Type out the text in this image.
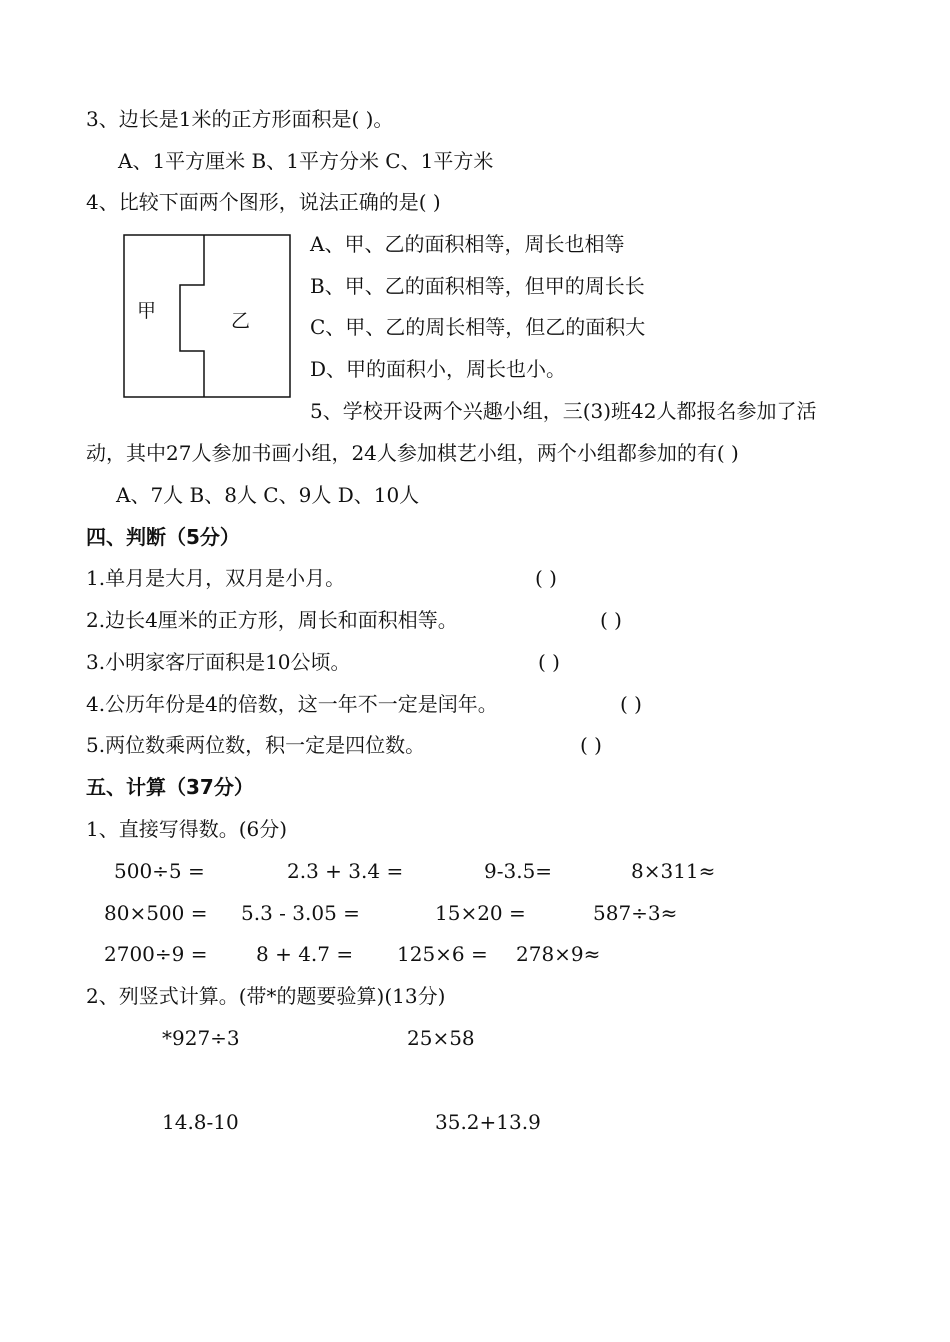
3、边长是1米的正方形面积是( )。
A、1平方厘米 B、1平方分米 C、1平方米
4、比较下面两个图形，说法正确的是( )
甲	乙
A、甲、乙的面积相等，周长也相等
B、甲、乙的面积相等，但甲的周长长
C、甲、乙的周长相等，但乙的面积大
D、甲的面积小，周长也小。
5、学校开设两个兴趣小组，三(3)班42人都报名参加了活
动，其中27人参加书画小组，24人参加棋艺小组，两个小组都参加的有( )
A、7人 B、8人 C、9人 D、10人
四、判断（5分）
1.单月是大月，双月是小月。	( )
2.边长4厘米的正方形，周长和面积相等。	( )
3.小明家客厅面积是10公顷。	( )
4.公历年份是4的倍数，这一年不一定是闰年。	( )
5.两位数乘两位数，积一定是四位数。	( )
五、计算（37分）
1、直接写得数。(6分)
500÷5 =	2.3 + 3.4 =	9-3.5=	8×311≈
80×500 = 5.3 - 3.05 =	15×20 =	587÷3≈
2700÷9 = 8 + 4.7 = 125×6 = 278×9≈
2、列竖式计算。(带*的题要验算)(13分)
*927÷3	25×58
14.8-10	35.2+13.9
